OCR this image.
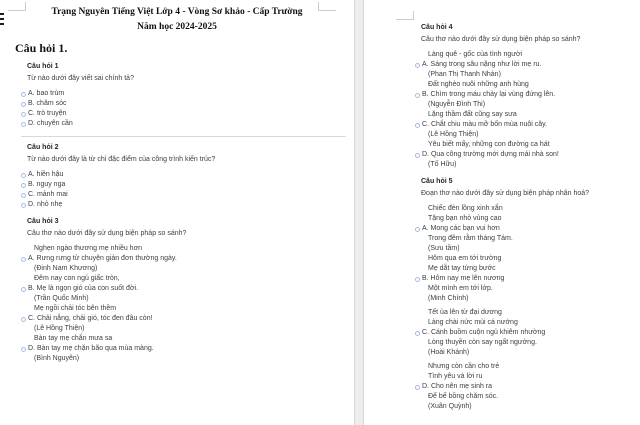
Trạng Nguyên Tiếng Việt Lớp 4 - Vòng Sơ khảo - Cấp Trường
Năm học 2024-2025
Câu hỏi 1.
Câu hỏi 1
Từ nào dưới đây viết sai chính tả?
A. bao trùm
B. chăm sóc
C. trò truyện
D. chuyên cần
Câu hỏi 2
Từ nào dưới đây là từ chỉ đặc điểm của công trình kiến trúc?
A. hiền hậu
B. nguy nga
C. mảnh mai
D. nhỏ nhẹ
Câu hỏi 3
Câu thơ nào dưới đây sử dụng biện pháp so sánh?
Nghẹn ngào thương mẹ nhiều hơn
A. Rưng rưng từ chuyện giản đơn thường ngày.
(Đinh Nam Khương)
Đêm nay con ngủ giấc tròn,
B. Mẹ là ngọn gió của con suốt đời.
(Trần Quốc Minh)
Mẹ ngồi chải tóc bên thềm
C. Chải nắng, chải gió, tóc đen đâu còn!
(Lê Hồng Thiện)
Bàn tay mẹ chắn mưa sa
D. Bàn tay mẹ chặn bão qua mùa màng.
(Bình Nguyên)
Câu hỏi 4
Câu thơ nào dưới đây sử dụng biện pháp so sánh?
Làng quê - gốc của tình người
A. Sáng trong sâu nặng như lời mẹ ru.
(Phan Thị Thanh Nhàn)
Đất nghèo nuôi những anh hùng
B. Chìm trong máu chảy lại vùng đứng lên.
(Nguyễn Đình Thi)
Lặng thầm đất cũng say sưa
C. Chắt chiu màu mỡ bốn mùa nuôi cây.
(Lê Hồng Thiện)
Yêu biết mấy, những con đường ca hát
D. Qua công trường mới dựng mái nhà son!
(Tố Hữu)
Câu hỏi 5
Đoạn thơ nào dưới đây sử dụng biện pháp nhân hoá?
Chiếc đèn lồng xinh xắn
Tặng bạn nhỏ vùng cao
A. Mong các bạn vui hơn
Trong đêm rằm tháng Tám.
(Sưu tầm)
Hôm qua em tới trường
Mẹ dắt tay từng bước
B. Hôm nay mẹ lên nương
Một mình em tới lớp.
(Minh Chính)
Tết ùa lên từ đại dương
Làng chài nức mùi cá nướng
C. Cánh buồm cuộn ngủ khiêm nhường
Lòng thuyền còn say ngất ngưởng.
(Hoài Khánh)
Nhưng còn cần cho trẻ
Tình yêu và lời ru
D. Cho nên mẹ sinh ra
Để bế bồng chăm sóc.
(Xuân Quỳnh)
